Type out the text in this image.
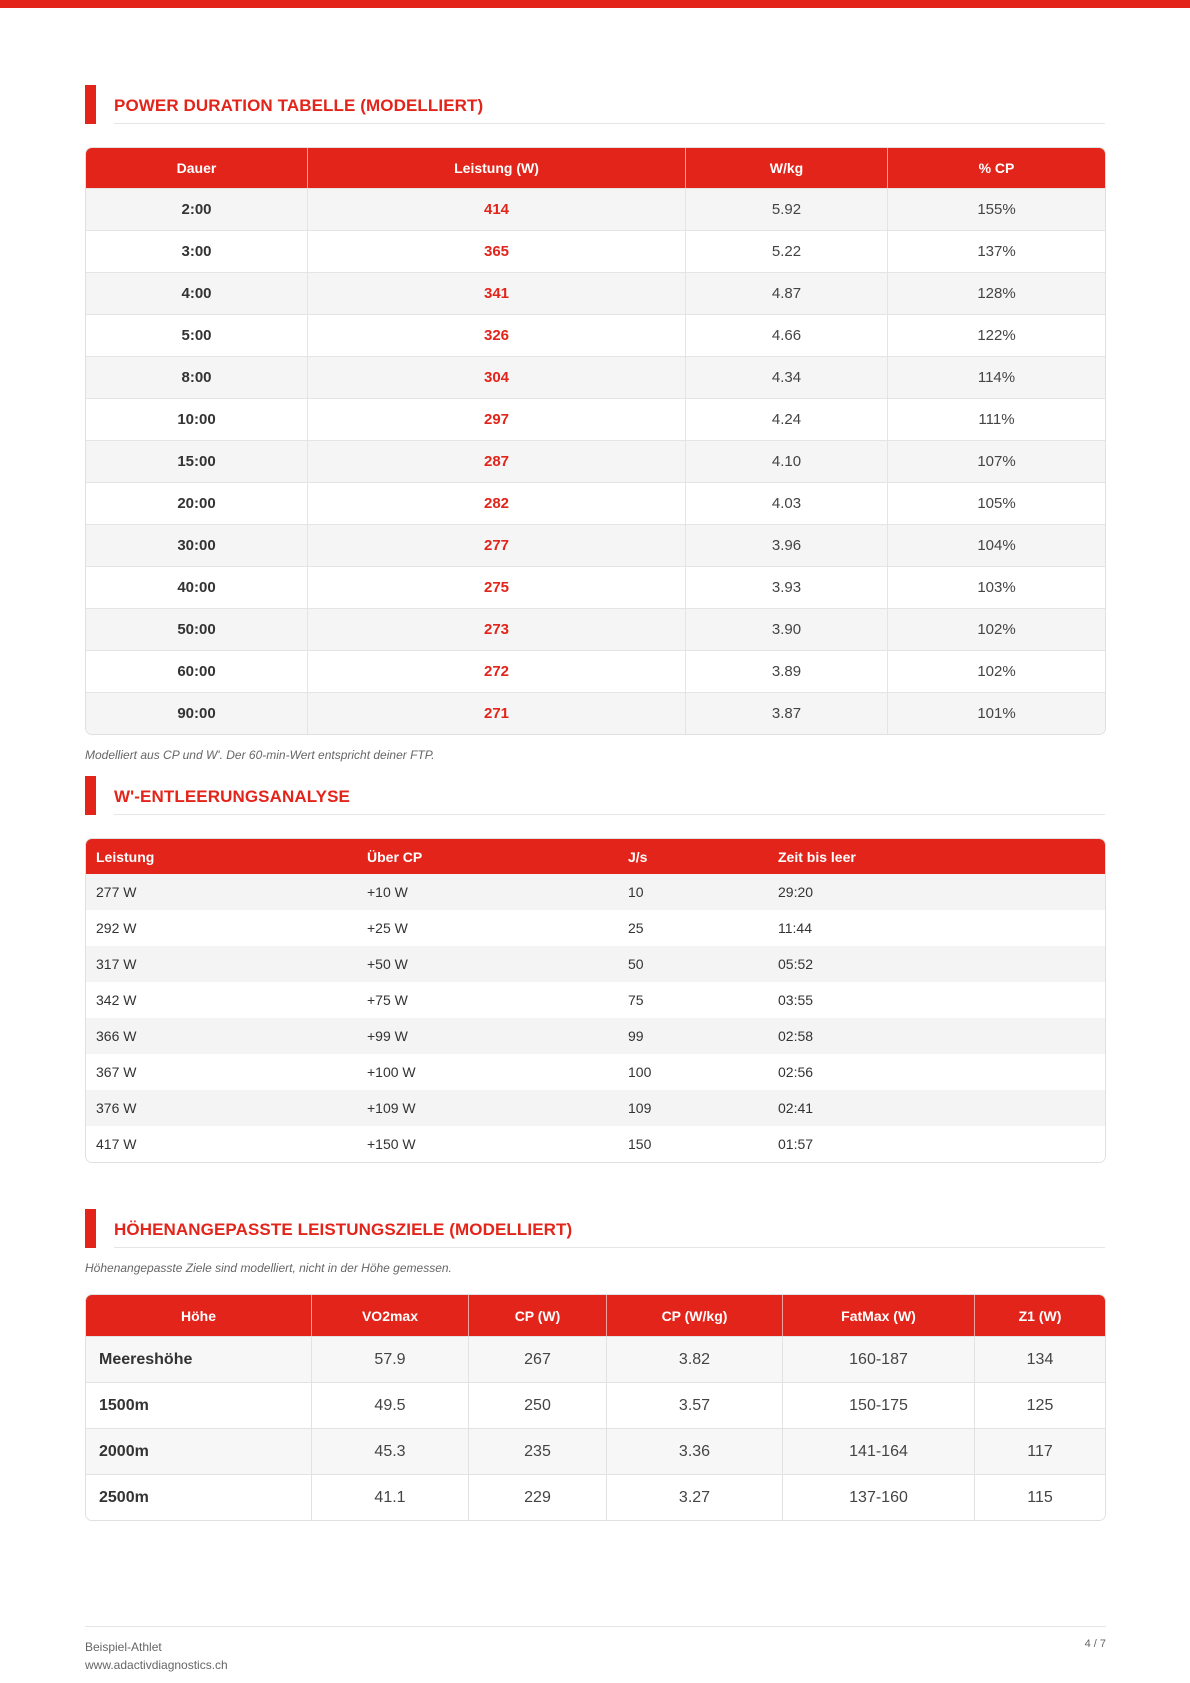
POWER DURATION TABELLE (MODELLIERT)
Dauer	Leistung (W)	W/kg	% CP
2:00	414	5.92	155%
3:00	365	5.22	137%
4:00	341	4.87	128%
5:00	326	4.66	122%
8:00	304	4.34	114%
10:00	297	4.24	111%
15:00	287	4.10	107%
20:00	282	4.03	105%
30:00	277	3.96	104%
40:00	275	3.93	103%
50:00	273	3.90	102%
60:00	272	3.89	102%
90:00	271	3.87	101%
Modelliert aus CP und W'. Der 60-min-Wert entspricht deiner FTP.
W'-ENTLEERUNGSANALYSE
Leistung	Über CP	J/s	Zeit bis leer
277 W	+10 W	10	29:20
292 W	+25 W	25	11:44
317 W	+50 W	50	05:52
342 W	+75 W	75	03:55
366 W	+99 W	99	02:58
367 W	+100 W	100	02:56
376 W	+109 W	109	02:41
417 W	+150 W	150	01:57
HÖHENANGEPASSTE LEISTUNGSZIELE (MODELLIERT)
Höhenangepasste Ziele sind modelliert, nicht in der Höhe gemessen.
Höhe	VO2max	CP (W)	CP (W/kg)	FatMax (W)	Z1 (W)
Meereshöhe	57.9	267	3.82	160-187	134
1500m	49.5	250	3.57	150-175	125
2000m	45.3	235	3.36	141-164	117
2500m	41.1	229	3.27	137-160	115
Beispiel-Athlet
www.adactivdiagnostics.ch
4 / 7
